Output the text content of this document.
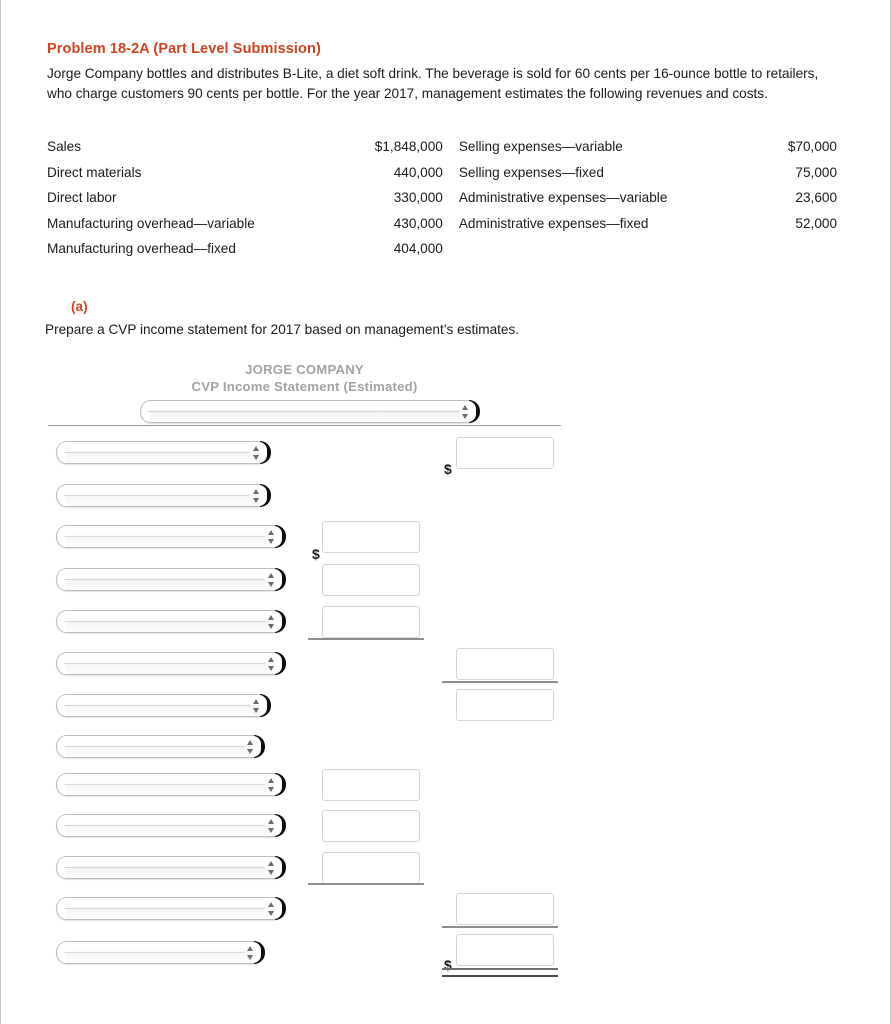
Problem 18-2A (Part Level Submission)
Jorge Company bottles and distributes B-Lite, a diet soft drink. The beverage is sold for 60 cents per 16-ounce bottle to retailers, who charge customers 90 cents per bottle. For the year 2017, management estimates the following revenues and costs.
Sales	$1,848,000	Selling expenses—variable	$70,000
Direct materials	440,000	Selling expenses—fixed	75,000
Direct labor	330,000	Administrative expenses—variable	23,600
Manufacturing overhead—variable	430,000	Administrative expenses—fixed	52,000
Manufacturing overhead—fixed	404,000		
(a)
Prepare a CVP income statement for 2017 based on management’s estimates.
JORGE COMPANY
CVP Income Statement (Estimated)
$
$
$
